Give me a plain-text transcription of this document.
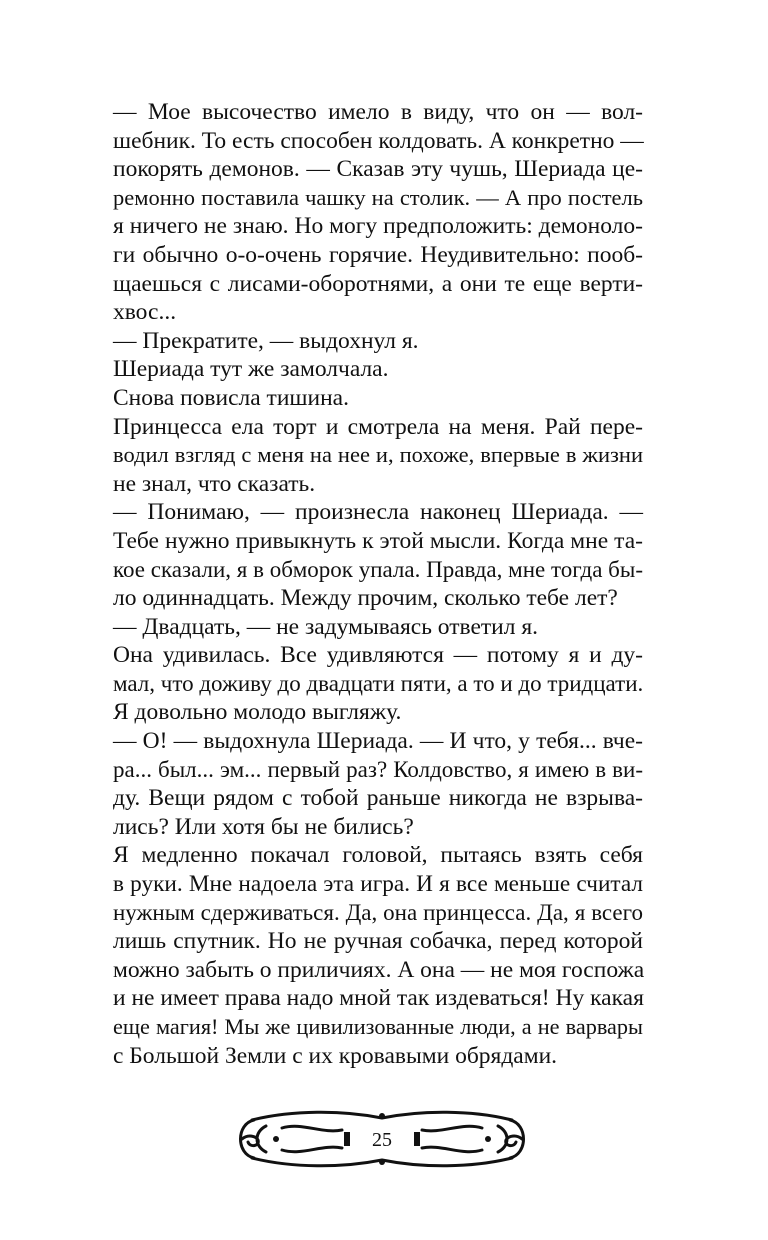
— Мое высочество имело в виду, что он — вол-
шебник. То есть способен колдовать. А конкретно —
покорять демонов. — Сказав эту чушь, Шериада це-
ремонно поставила чашку на столик. — А про постель
я ничего не знаю. Но могу предположить: демоноло-
ги обычно о-о-очень горячие. Неудивительно: пооб-
щаешься с лисами-оборотнями, а они те еще верти-
хвос...
— Прекратите, — выдохнул я.
Шериада тут же замолчала.
Снова повисла тишина.
Принцесса ела торт и смотрела на меня. Рай пере-
водил взгляд с меня на нее и, похоже, впервые в жизни
не знал, что сказать.
— Понимаю, — произнесла наконец Шериада. —
Тебе нужно привыкнуть к этой мысли. Когда мне та-
кое сказали, я в обморок упала. Правда, мне тогда бы-
ло одиннадцать. Между прочим, сколько тебе лет?
— Двадцать, — не задумываясь ответил я.
Она удивилась. Все удивляются — потому я и ду-
мал, что доживу до двадцати пяти, а то и до тридцати.
Я довольно молодо выгляжу.
— О! — выдохнула Шериада. — И что, у тебя... вче-
ра... был... эм... первый раз? Колдовство, я имею в ви-
ду. Вещи рядом с тобой раньше никогда не взрыва-
лись? Или хотя бы не бились?
Я медленно покачал головой, пытаясь взять себя
в руки. Мне надоела эта игра. И я все меньше считал
нужным сдерживаться. Да, она принцесса. Да, я всего
лишь спутник. Но не ручная собачка, перед которой
можно забыть о приличиях. А она — не моя госпожа
и не имеет права надо мной так издеваться! Ну какая
еще магия! Мы же цивилизованные люди, а не варвары
с Большой Земли с их кровавыми обрядами.
25
